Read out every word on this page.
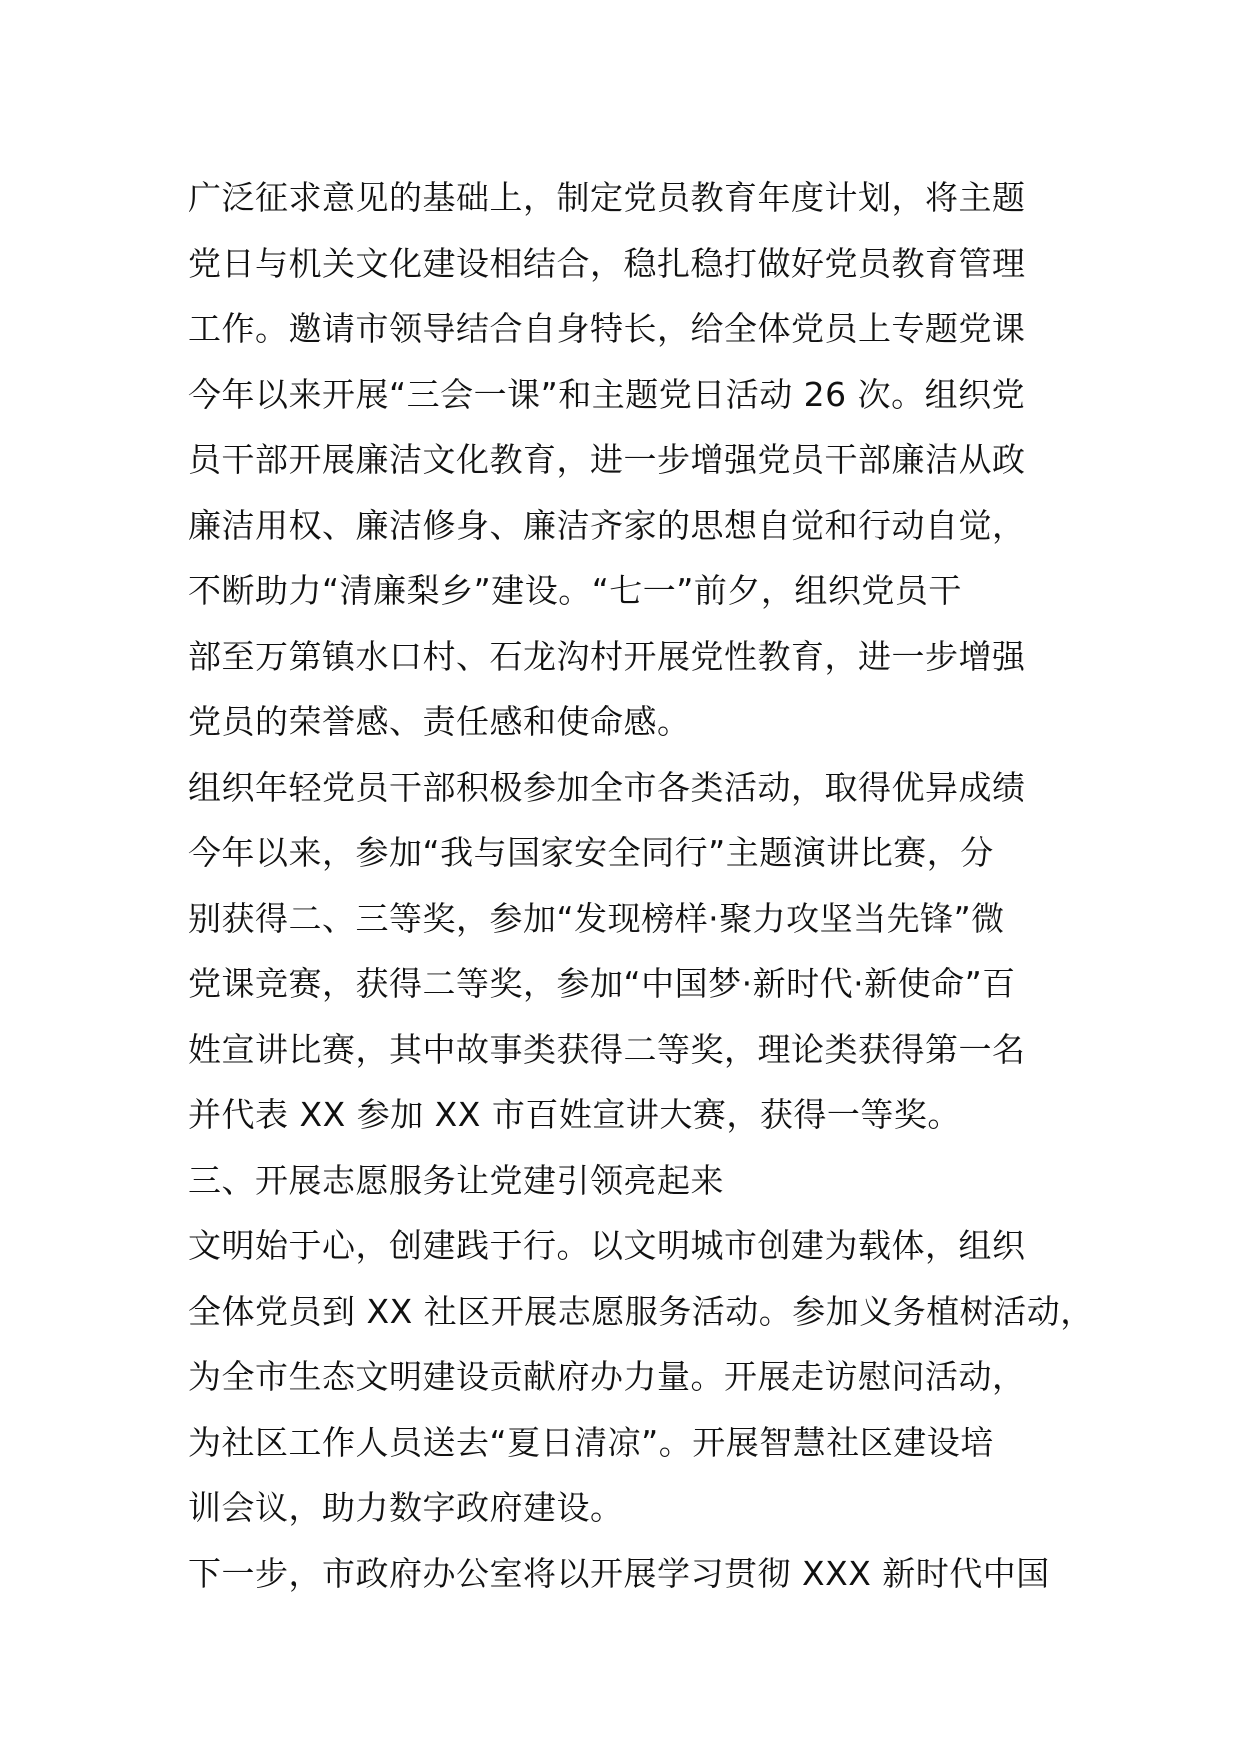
广泛征求意见的基础上，制定党员教育年度计划，将主题
党日与机关文化建设相结合，稳扎稳打做好党员教育管理
工作。邀请市领导结合自身特长，给全体党员上专题党课
今年以来开展“三会一课”和主题党日活动 26 次。组织党
员干部开展廉洁文化教育，进一步增强党员干部廉洁从政
廉洁用权、廉洁修身、廉洁齐家的思想自觉和行动自觉，
不断助力“清廉梨乡”建设。“七一”前夕，组织党员干
部至万第镇水口村、石龙沟村开展党性教育，进一步增强
党员的荣誉感、责任感和使命感。
组织年轻党员干部积极参加全市各类活动，取得优异成绩
今年以来，参加“我与国家安全同行”主题演讲比赛，分
别获得二、三等奖，参加“发现榜样·聚力攻坚当先锋”微
党课竞赛，获得二等奖，参加“中国梦·新时代·新使命”百
姓宣讲比赛，其中故事类获得二等奖，理论类获得第一名
并代表 XX 参加 XX 市百姓宣讲大赛，获得一等奖。
三、开展志愿服务让党建引领亮起来
文明始于心，创建践于行。以文明城市创建为载体，组织
全体党员到 XX 社区开展志愿服务活动。参加义务植树活动，
为全市生态文明建设贡献府办力量。开展走访慰问活动，
为社区工作人员送去“夏日清凉”。开展智慧社区建设培
训会议，助力数字政府建设。
下一步，市政府办公室将以开展学习贯彻 XXX 新时代中国
